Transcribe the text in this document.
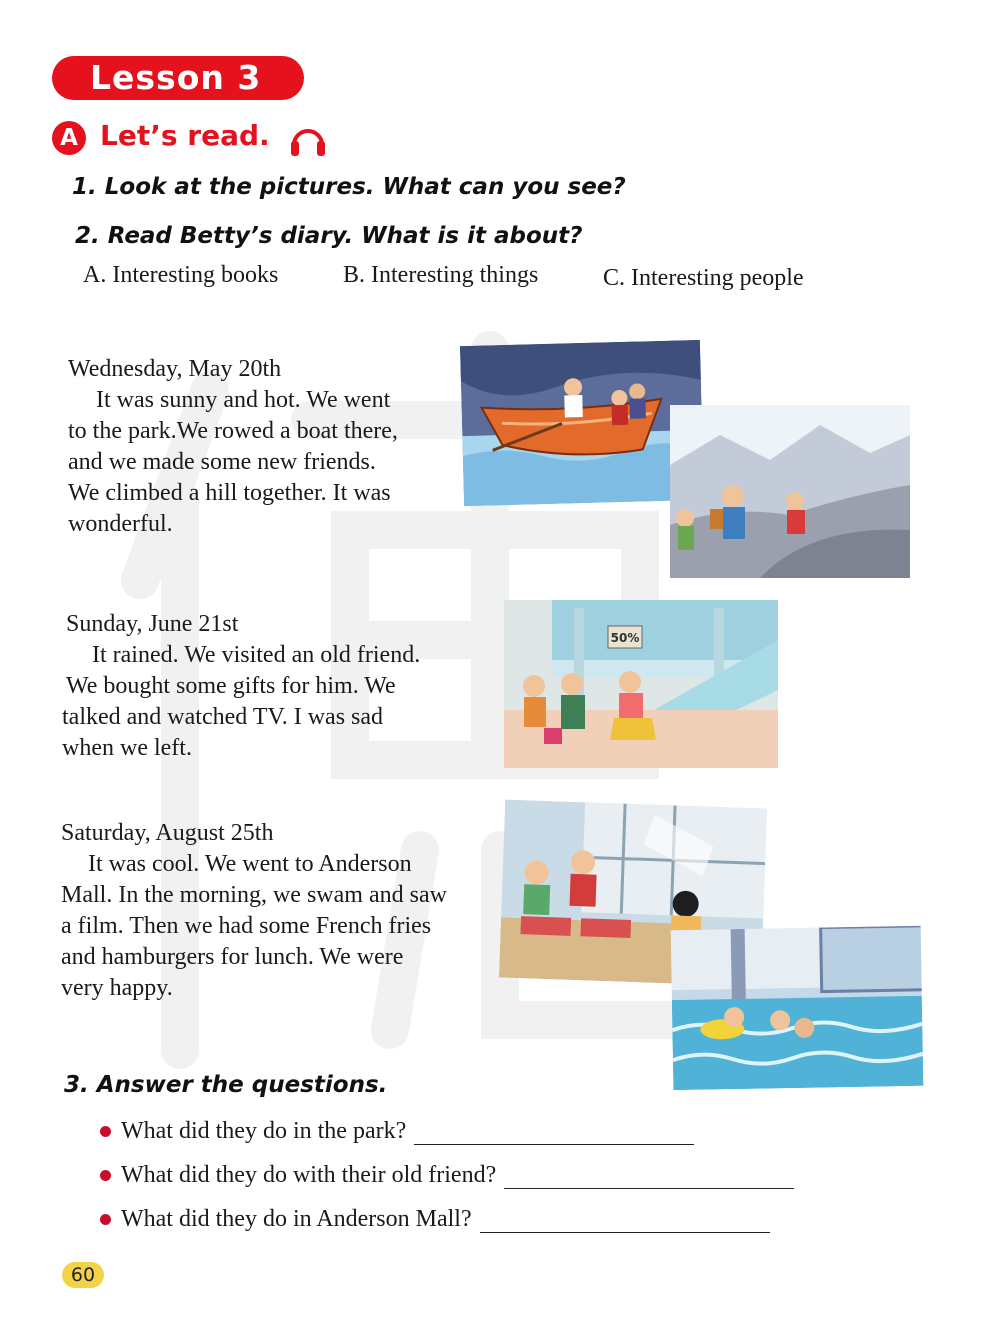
Lesson 3
A Let’s read.
1. Look at the pictures. What can you see?
2. Read Betty’s diary. What is it about?
A. Interesting books	B. Interesting things	C. Interesting people
Wednesday, May 20th
It was sunny and hot. We went
to the park.We rowed a boat there,
and we made some new friends.
We climbed a hill together. It was
wonderful.
Sunday, June 21st
It rained. We visited an old friend.
We bought some gifts for him. We
talked and watched TV. I was sad
when we left.
Saturday, August 25th
It was cool. We went to Anderson
Mall. In the morning, we swam and saw
a film. Then we had some French fries
and hamburgers for lunch. We were
very happy.
50%
3. Answer the questions.
What did they do in the park?
What did they do with their old friend?
What did they do in Anderson Mall?
60
